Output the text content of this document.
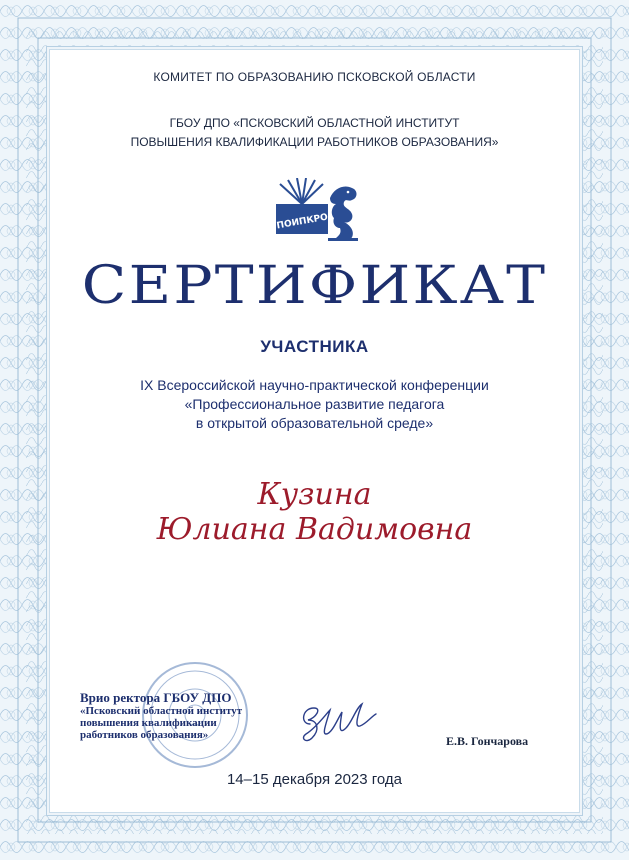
КОМИТЕТ ПО ОБРАЗОВАНИЮ ПСКОВСКОЙ ОБЛАСТИ
ГБОУ ДПО «ПСКОВСКИЙ ОБЛАСТНОЙ ИНСТИТУТ
ПОВЫШЕНИЯ КВАЛИФИКАЦИИ РАБОТНИКОВ ОБРАЗОВАНИЯ»
ПОИПКРО
СЕРТИФИКАТ
УЧАСТНИКА
IX Всероссийской научно-практической конференции
«Профессиональное развитие педагога
в открытой образовательной среде»
Кузина
Юлиана Вадимовна
Врио ректора ГБОУ ДПО
«Псковский областной институт
повышения квалификации
работников образования»	Е.В. Гончарова
14–15 декабря 2023 года
